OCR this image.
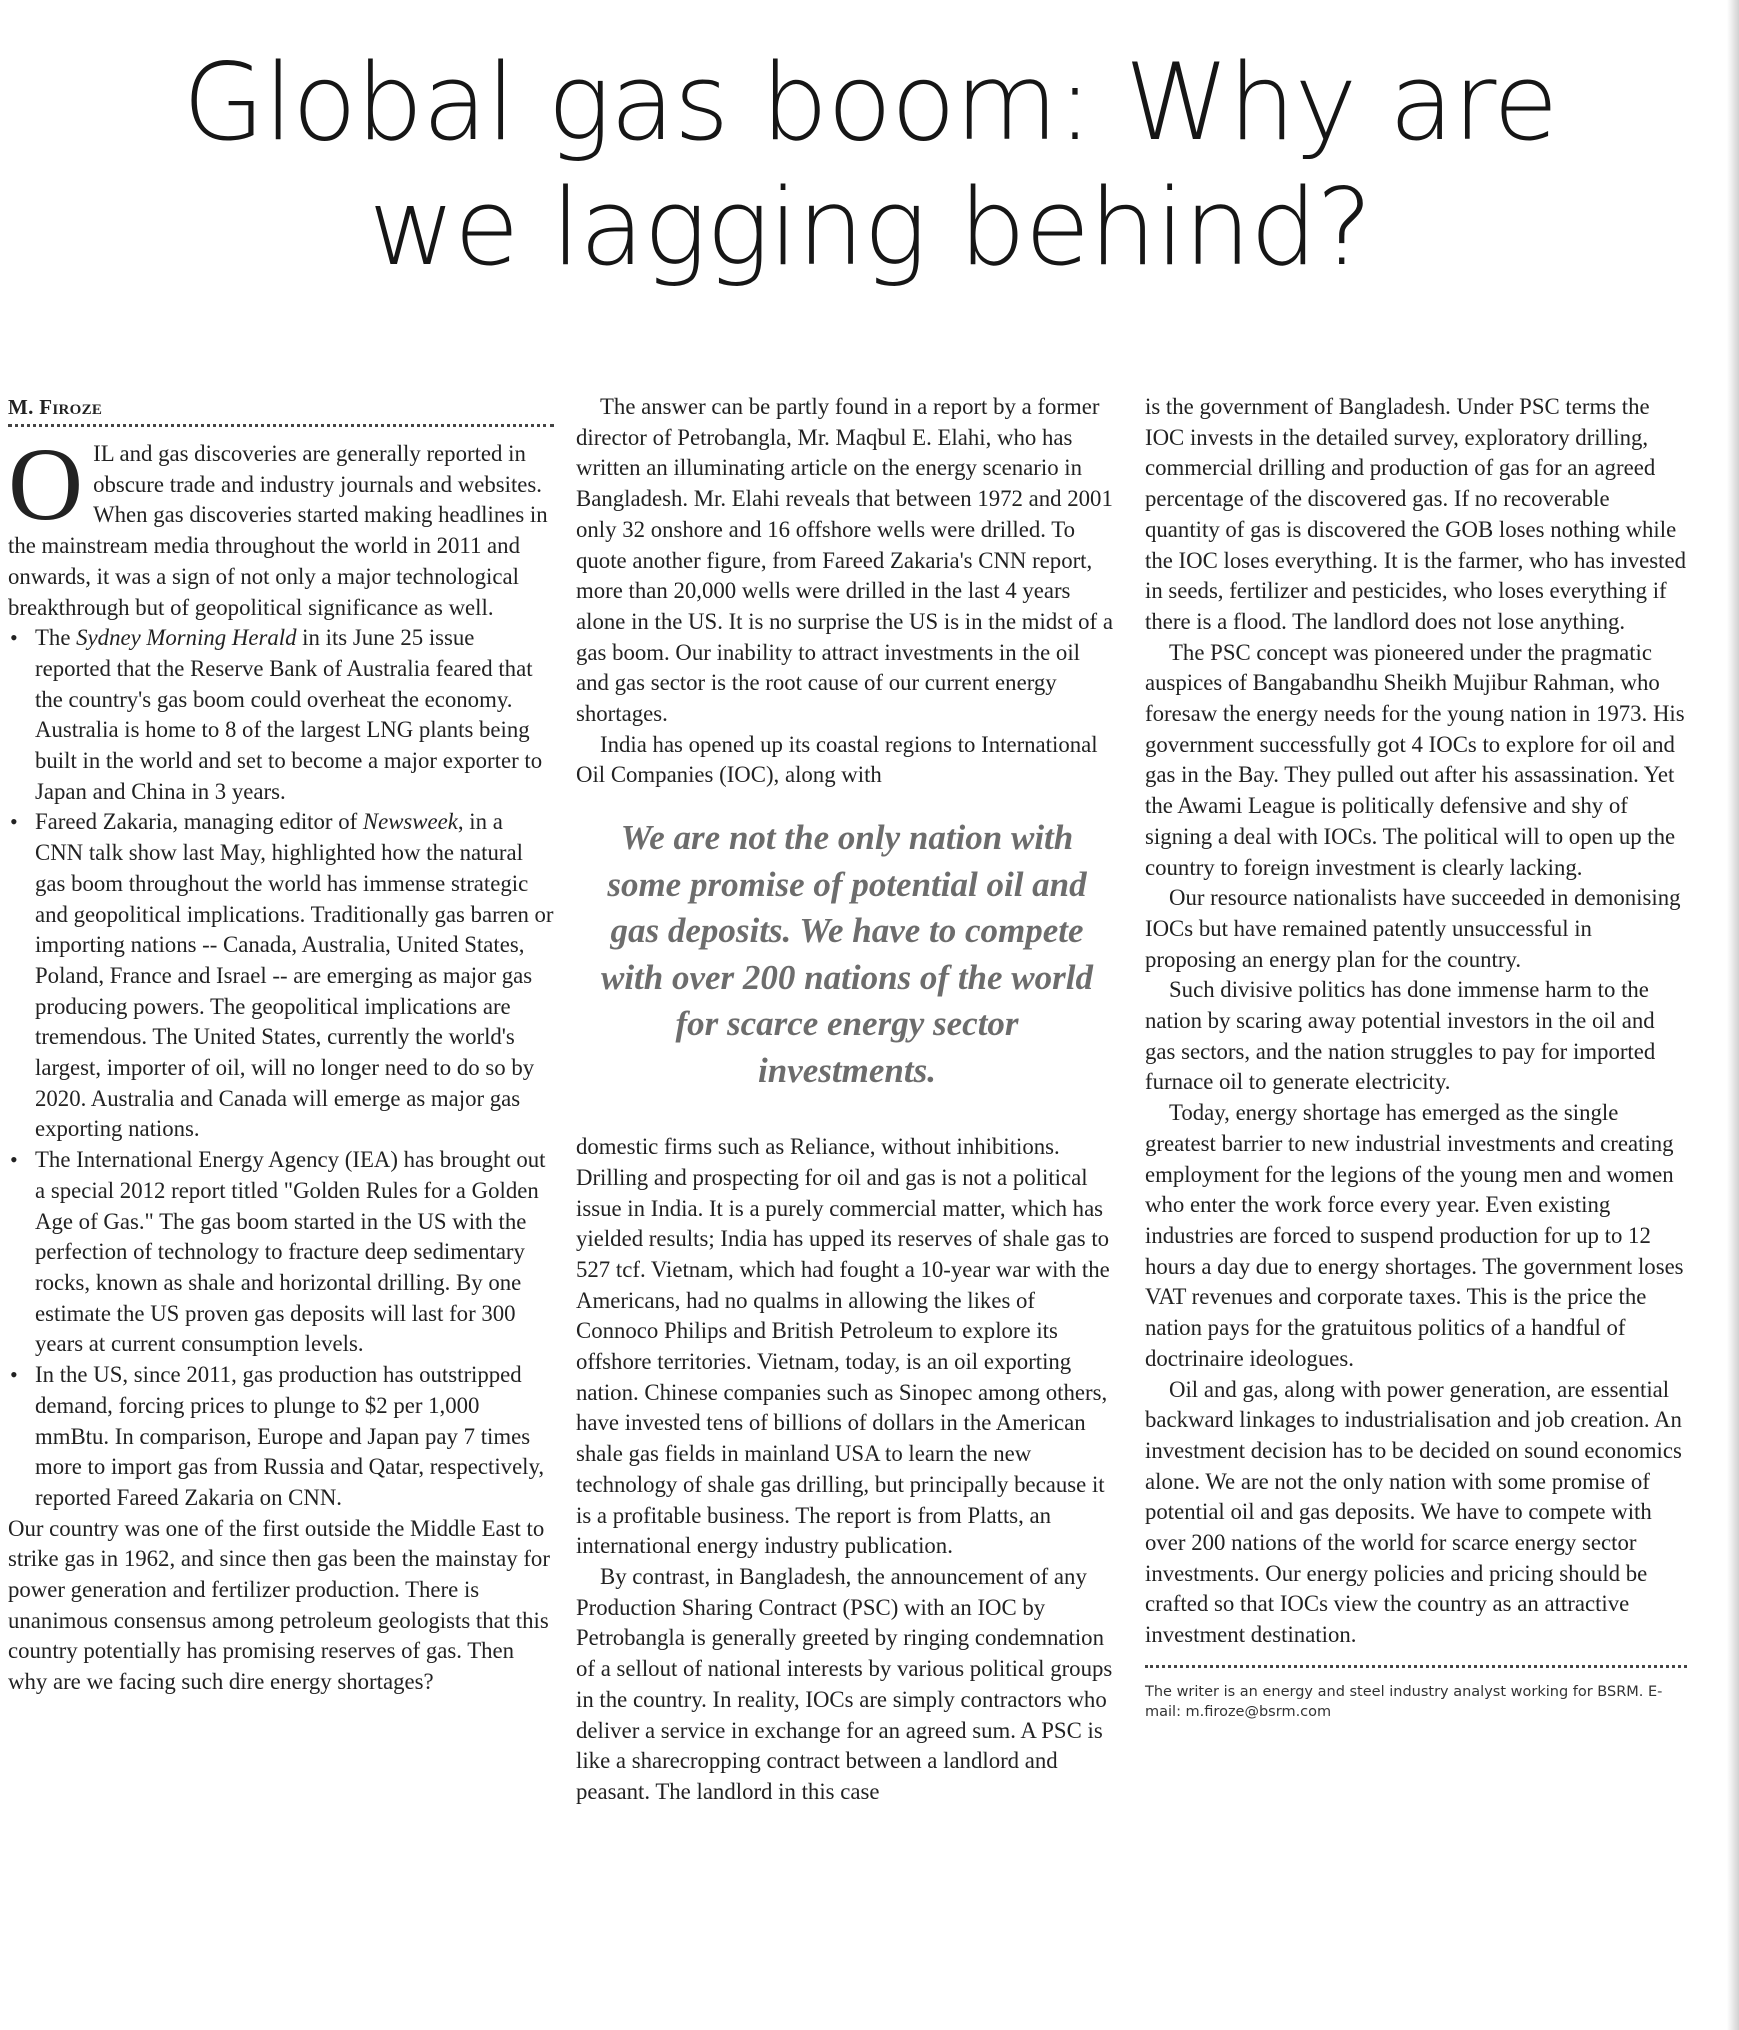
Global gas boom: Why are
we lagging behind?
M. Firoze

OIL and gas discoveries are generally reported in obscure trade and industry journals and websites. When gas discoveries started making headlines in the mainstream media throughout the world in 2011 and onwards, it was a sign of not only a major technological breakthrough but of geopolitical significance as well.

• The Sydney Morning Herald in its June 25 issue reported that the Reserve Bank of Australia feared that the country's gas boom could overheat the economy. Australia is home to 8 of the largest LNG plants being built in the world and set to become a major exporter to Japan and China in 3 years.
• Fareed Zakaria, managing editor of Newsweek, in a CNN talk show last May, highlighted how the natural gas boom throughout the world has immense strategic and geopolitical implications. Traditionally gas barren or importing nations -- Canada, Australia, United States, Poland, France and Israel -- are emerging as major gas producing powers. The geopolitical implications are tremendous. The United States, currently the world's largest, importer of oil, will no longer need to do so by 2020. Australia and Canada will emerge as major gas exporting nations.
• The International Energy Agency (IEA) has brought out a special 2012 report titled "Golden Rules for a Golden Age of Gas." The gas boom started in the US with the perfection of technology to fracture deep sedimentary rocks, known as shale and horizontal drilling. By one estimate the US proven gas deposits will last for 300 years at current consumption levels.
• In the US, since 2011, gas production has outstripped demand, forcing prices to plunge to $2 per 1,000 mmBtu. In comparison, Europe and Japan pay 7 times more to import gas from Russia and Qatar, respectively, reported Fareed Zakaria on CNN.

Our country was one of the first outside the Middle East to strike gas in 1962, and since then gas been the mainstay for power generation and fertilizer production. There is unanimous consensus among petroleum geologists that this country potentially has promising reserves of gas. Then why are we facing such dire energy shortages?

The answer can be partly found in a report by a former director of Petrobangla, Mr. Maqbul E. Elahi, who has written an illuminating article on the energy scenario in Bangladesh. Mr. Elahi reveals that between 1972 and 2001 only 32 onshore and 16 offshore wells were drilled. To quote another figure, from Fareed Zakaria's CNN report, more than 20,000 wells were drilled in the last 4 years alone in the US. It is no surprise the US is in the midst of a gas boom. Our inability to attract investments in the oil and gas sector is the root cause of our current energy shortages.

India has opened up its coastal regions to International Oil Companies (IOC), along with

We are not the only nation with some promise of potential oil and gas deposits. We have to compete with over 200 nations of the world for scarce energy sector investments.

domestic firms such as Reliance, without inhibitions. Drilling and prospecting for oil and gas is not a political issue in India. It is a purely commercial matter, which has yielded results; India has upped its reserves of shale gas to 527 tcf. Vietnam, which had fought a 10-year war with the Americans, had no qualms in allowing the likes of Connoco Philips and British Petroleum to explore its offshore territories. Vietnam, today, is an oil exporting nation. Chinese companies such as Sinopec among others, have invested tens of billions of dollars in the American shale gas fields in mainland USA to learn the new technology of shale gas drilling, but principally because it is a profitable business. The report is from Platts, an international energy industry publication.

By contrast, in Bangladesh, the announcement of any Production Sharing Contract (PSC) with an IOC by Petrobangla is generally greeted by ringing condemnation of a sellout of national interests by various political groups in the country. In reality, IOCs are simply contractors who deliver a service in exchange for an agreed sum. A PSC is like a sharecropping contract between a landlord and peasant. The landlord in this case

is the government of Bangladesh. Under PSC terms the IOC invests in the detailed survey, exploratory drilling, commercial drilling and production of gas for an agreed percentage of the discovered gas. If no recoverable quantity of gas is discovered the GOB loses nothing while the IOC loses everything. It is the farmer, who has invested in seeds, fertilizer and pesticides, who loses everything if there is a flood. The landlord does not lose anything.

The PSC concept was pioneered under the pragmatic auspices of Bangabandhu Sheikh Mujibur Rahman, who foresaw the energy needs for the young nation in 1973. His government successfully got 4 IOCs to explore for oil and gas in the Bay. They pulled out after his assassination. Yet the Awami League is politically defensive and shy of signing a deal with IOCs. The political will to open up the country to foreign investment is clearly lacking.

Our resource nationalists have succeeded in demonising IOCs but have remained patently unsuccessful in proposing an energy plan for the country.

Such divisive politics has done immense harm to the nation by scaring away potential investors in the oil and gas sectors, and the nation struggles to pay for imported furnace oil to generate electricity.

Today, energy shortage has emerged as the single greatest barrier to new industrial investments and creating employment for the legions of the young men and women who enter the work force every year. Even existing industries are forced to suspend production for up to 12 hours a day due to energy shortages. The government loses VAT revenues and corporate taxes. This is the price the nation pays for the gratuitous politics of a handful of doctrinaire ideologues.

Oil and gas, along with power generation, are essential backward linkages to industrialisation and job creation. An investment decision has to be decided on sound economics alone. We are not the only nation with some promise of potential oil and gas deposits. We have to compete with over 200 nations of the world for scarce energy sector investments. Our energy policies and pricing should be crafted so that IOCs view the country as an attractive investment destination.

The writer is an energy and steel industry analyst working for BSRM. E-mail: m.firoze@bsrm.com
